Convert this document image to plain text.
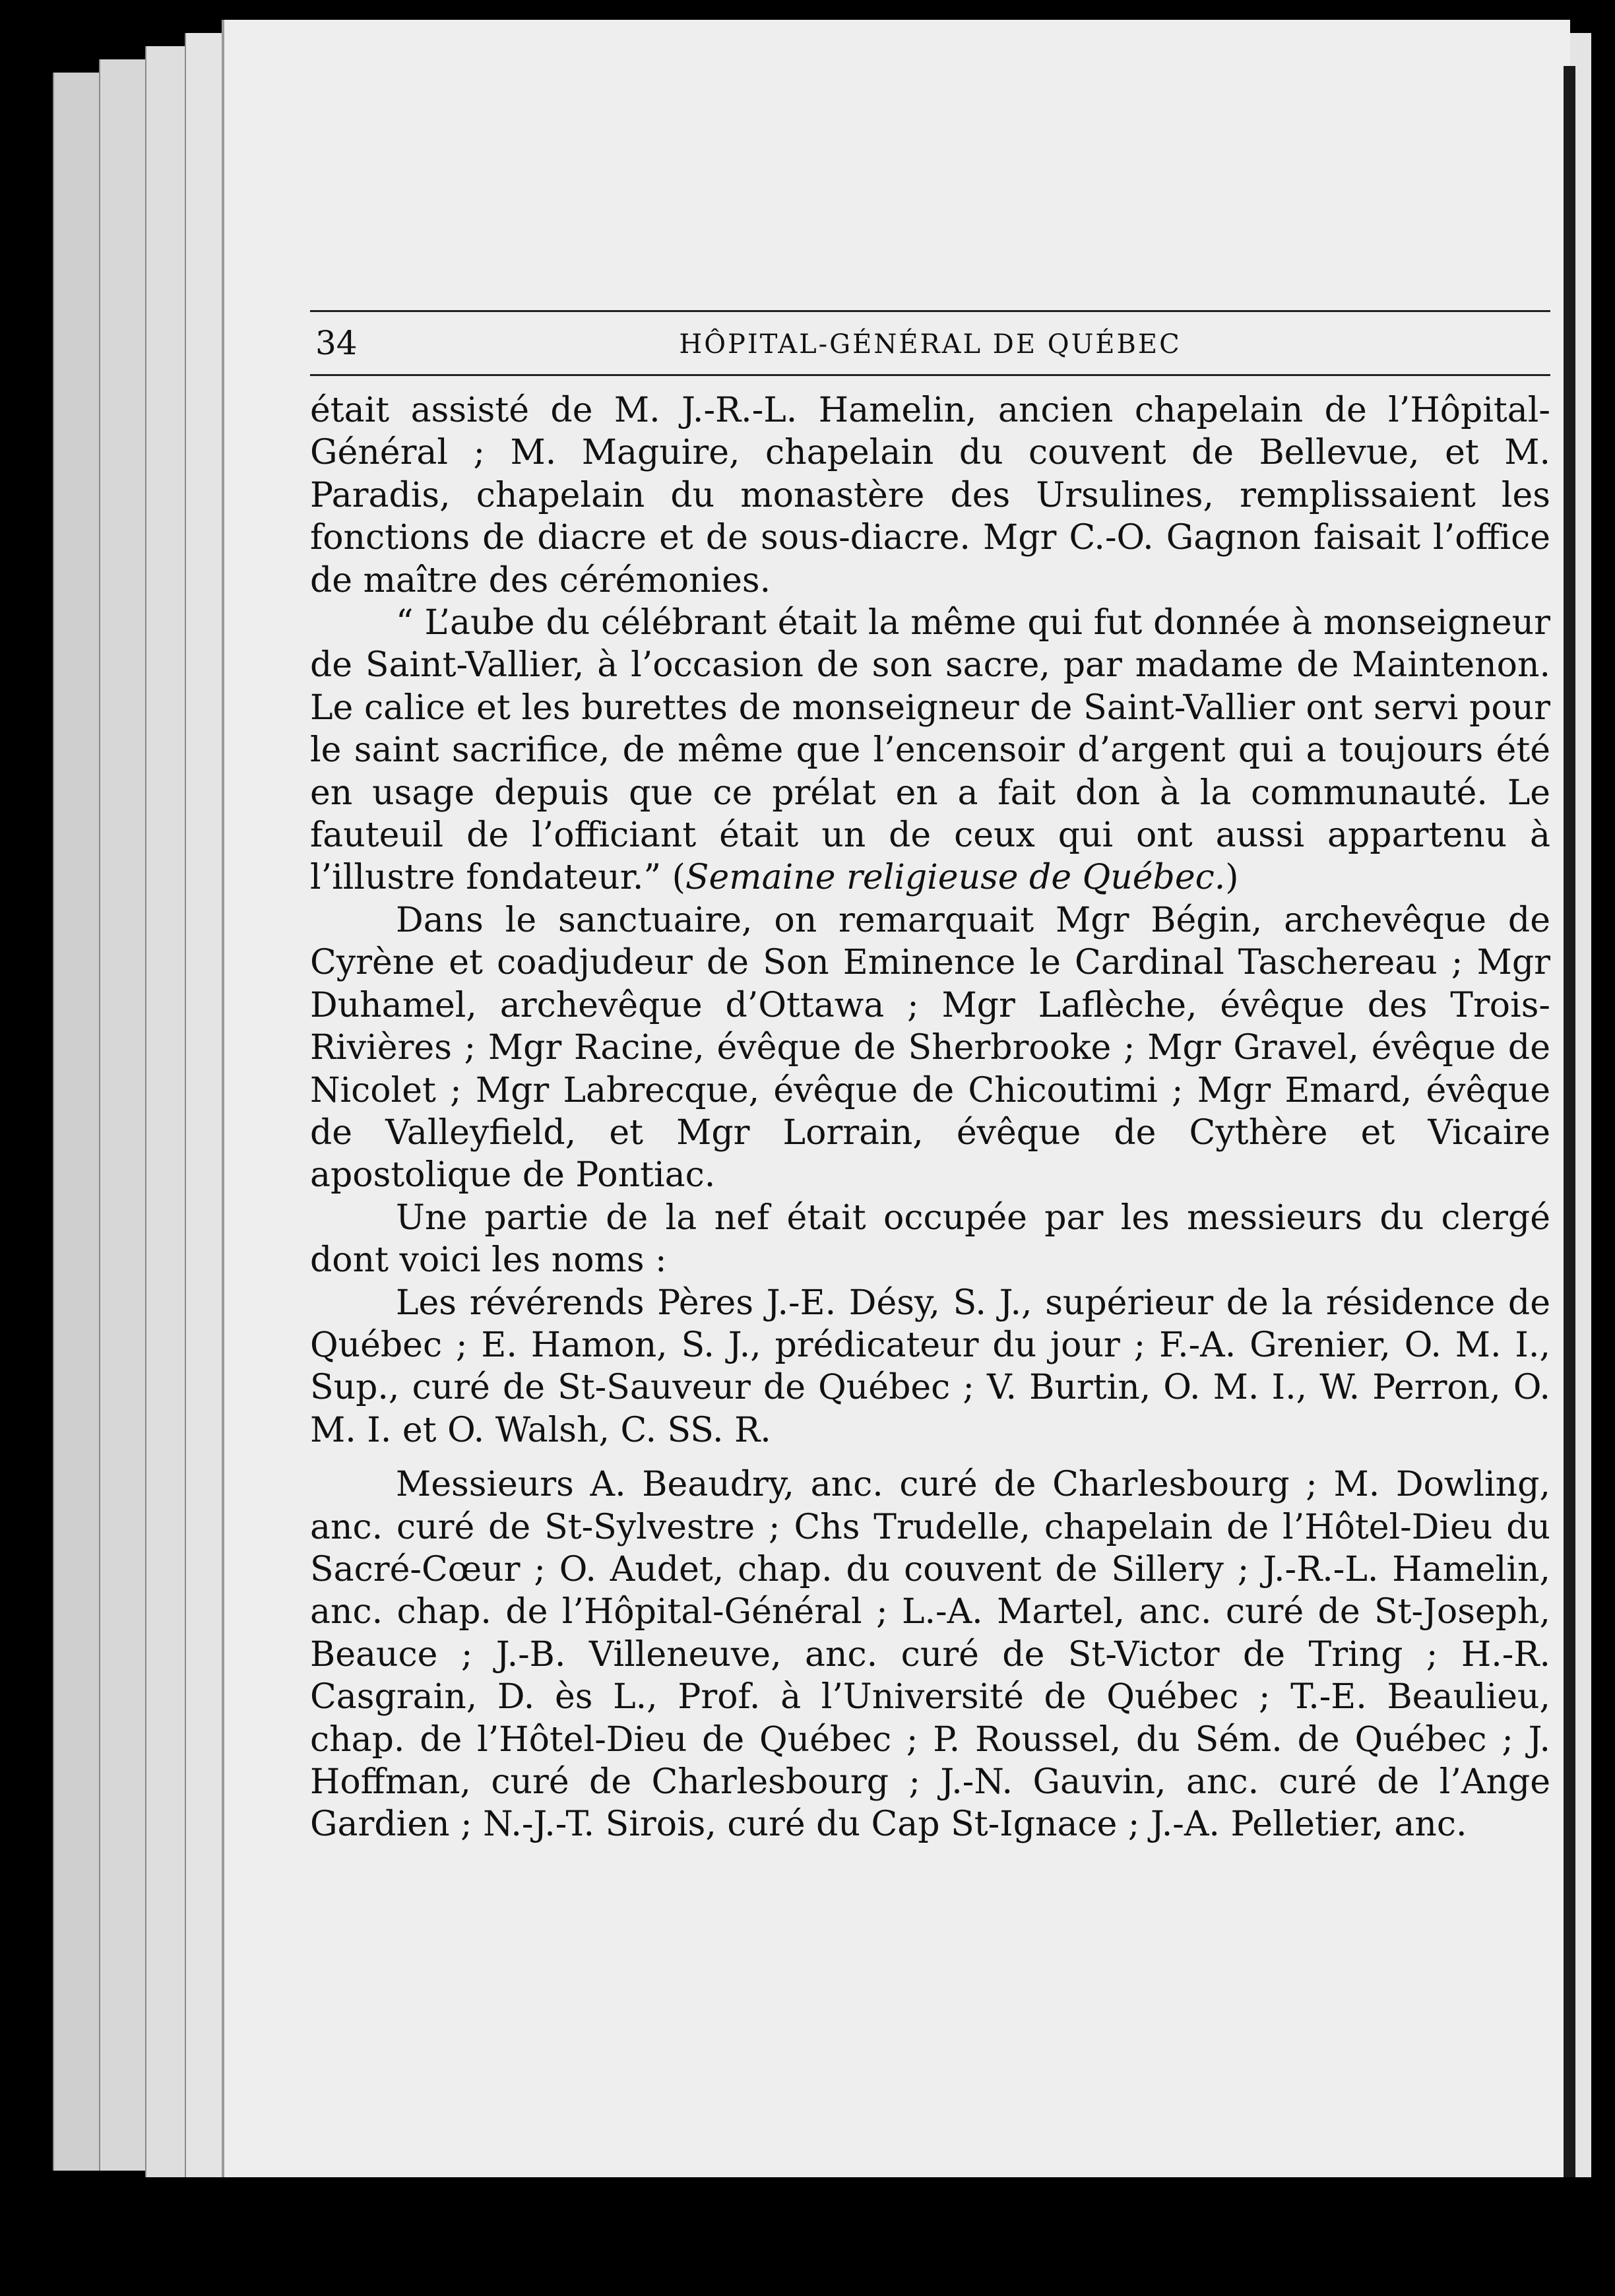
34	HÔPITAL-GÉNÉRAL DE QUÉBEC

était assisté de M. J.-R.-L. Hamelin, ancien chapelain de l’Hôpital-Général ; M. Maguire, chapelain du couvent de Bellevue, et M. Paradis, chapelain du monastère des Ursulines, remplissaient les fonctions de diacre et de sous-diacre. Mgr C.-O. Gagnon faisait l’office de maître des cérémonies.

“ L’aube du célébrant était la même qui fut donnée à monseigneur de Saint-Vallier, à l’occasion de son sacre, par madame de Maintenon. Le calice et les burettes de monseigneur de Saint-Vallier ont servi pour le saint sacrifice, de même que l’encensoir d’argent qui a toujours été en usage depuis que ce prélat en a fait don à la communauté. Le fauteuil de l’officiant était un de ceux qui ont aussi appartenu à l’illustre fondateur.” (Semaine religieuse de Québec.)

Dans le sanctuaire, on remarquait Mgr Bégin, archevêque de Cyrène et coadjudeur de Son Eminence le Cardinal Taschereau ; Mgr Duhamel, archevêque d’Ottawa ; Mgr Laflèche, évêque des Trois-Rivières ; Mgr Racine, évêque de Sherbrooke ; Mgr Gravel, évêque de Nicolet ; Mgr Labrecque, évêque de Chicoutimi ; Mgr Emard, évêque de Valleyfield, et Mgr Lorrain, évêque de Cythère et Vicaire apostolique de Pontiac.

Une partie de la nef était occupée par les messieurs du clergé dont voici les noms :

Les révérends Pères J.-E. Désy, S. J., supérieur de la résidence de Québec ; E. Hamon, S. J., prédicateur du jour ; F.-A. Grenier, O. M. I., Sup., curé de St-Sauveur de Québec ; V. Burtin, O. M. I., W. Perron, O. M. I. et O. Walsh, C. SS. R.

Messieurs A. Beaudry, anc. curé de Charlesbourg ; M. Dowling, anc. curé de St-Sylvestre ; Chs Trudelle, chapelain de l’Hôtel-Dieu du Sacré-Cœur ; O. Audet, chap. du couvent de Sillery ; J.-R.-L. Hamelin, anc. chap. de l’Hôpital-Général ; L.-A. Martel, anc. curé de St-Joseph, Beauce ; J.-B. Villeneuve, anc. curé de St-Victor de Tring ; H.-R. Casgrain, D. ès L., Prof. à l’Université de Québec ; T.-E. Beaulieu, chap. de l’Hôtel-Dieu de Québec ; P. Roussel, du Sém. de Québec ; J. Hoffman, curé de Charlesbourg ; J.-N. Gauvin, anc. curé de l’Ange Gardien ; N.-J.-T. Sirois, curé du Cap St-Ignace ; J.-A. Pelletier, anc.
